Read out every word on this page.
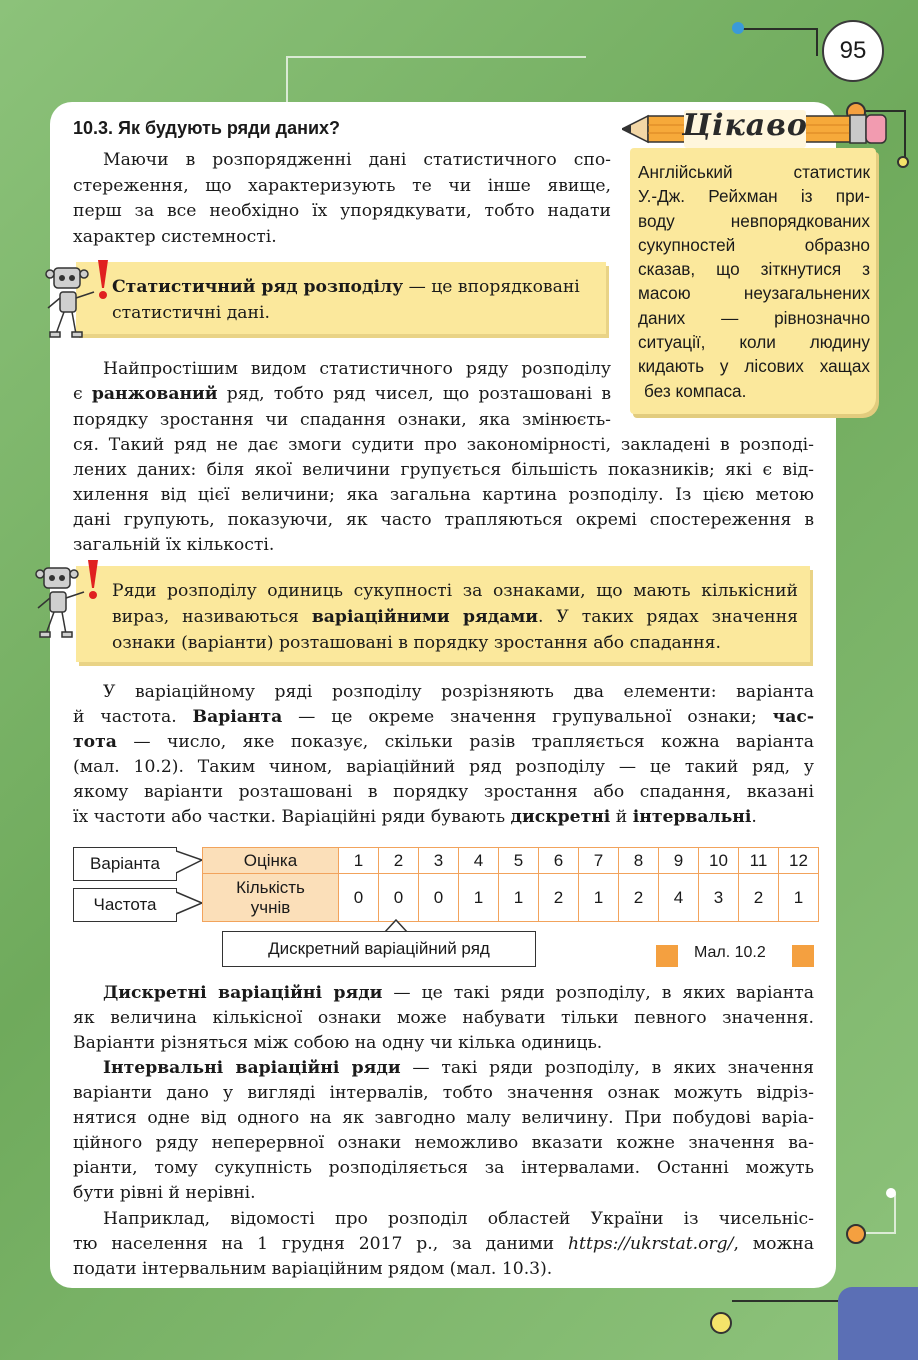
95
10.3. Як будують ряди даних?
Маючи в розпорядженні дані статистичного спо-
стереження, що характеризують те чи інше явище,
перш за все необхідно їх упорядкувати, тобто надати
характер системності.
Статистичний ряд розподілу — це впорядковані
статистичні дані.
Найпростішим видом статистичного ряду розподілу
є ранжований ряд, тобто ряд чисел, що розташовані в
порядку зростання чи спадання ознаки, яка змінюєть-
ся. Такий ряд не дає змоги судити про закономірності, закладені в розподі-
лених даних: біля якої величини групується більшість показників; які є від-
хилення від цієї величини; яка загальна картина розподілу. Із цією метою
дані групують, показуючи, як часто трапляються окремі спостереження в
загальній їх кількості.
Ряди розподілу одиниць сукупності за ознаками, що мають кількісний
вираз, називаються варіаційними рядами. У таких рядах значення
ознаки (варіанти) розташовані в порядку зростання або спадання.
У варіаційному ряді розподілу розрізняють два елементи: варіанта
й частота. Варіанта — це окреме значення групувальної ознаки; час-
тота — число, яке показує, скільки разів трапляється кожна варіанта
(мал. 10.2). Таким чином, варіаційний ряд розподілу — це такий ряд, у
якому варіанти розташовані в порядку зростання або спадання, вказані
їх частоти або частки. Варіаційні ряди бувають дискретні й інтервальні.
Варіанта
Частота
Оцінка	1	2	3	4	5	6	7	8	9	10	11	12
Кількість
учнів	0	0	0	1	1	2	1	2	4	3	2	1
Дискретний варіаційний ряд	Мал. 10.2
Дискретні варіаційні ряди — це такі ряди розподілу, в яких варіанта
як величина кількісної ознаки може набувати тільки певного значення.
Варіанти різняться між собою на одну чи кілька одиниць.
Інтервальні варіаційні ряди — такі ряди розподілу, в яких значення
варіанти дано у вигляді інтервалів, тобто значення ознак можуть відріз-
нятися одне від одного на як завгодно малу величину. При побудові варіа-
ційного ряду неперервної ознаки неможливо вказати кожне значення ва-
ріанти, тому сукупність розподіляється за інтервалами. Останні можуть
бути рівні й нерівні.
Наприклад, відомості про розподіл областей України із чисельніс-
тю населення на 1 грудня 2017 р., за даними https://ukrstat.org/, можна
подати інтервальним варіаційним рядом (мал. 10.3).
Англійський статистик
У.-Дж. Рейхман із при-
воду невпорядкованих
сукупностей образно
сказав, що зіткнутися з
масою неузагальнених
даних — рівнозначно
ситуації, коли людину
кидають у лісових хащах
без компаса.
Цікаво
